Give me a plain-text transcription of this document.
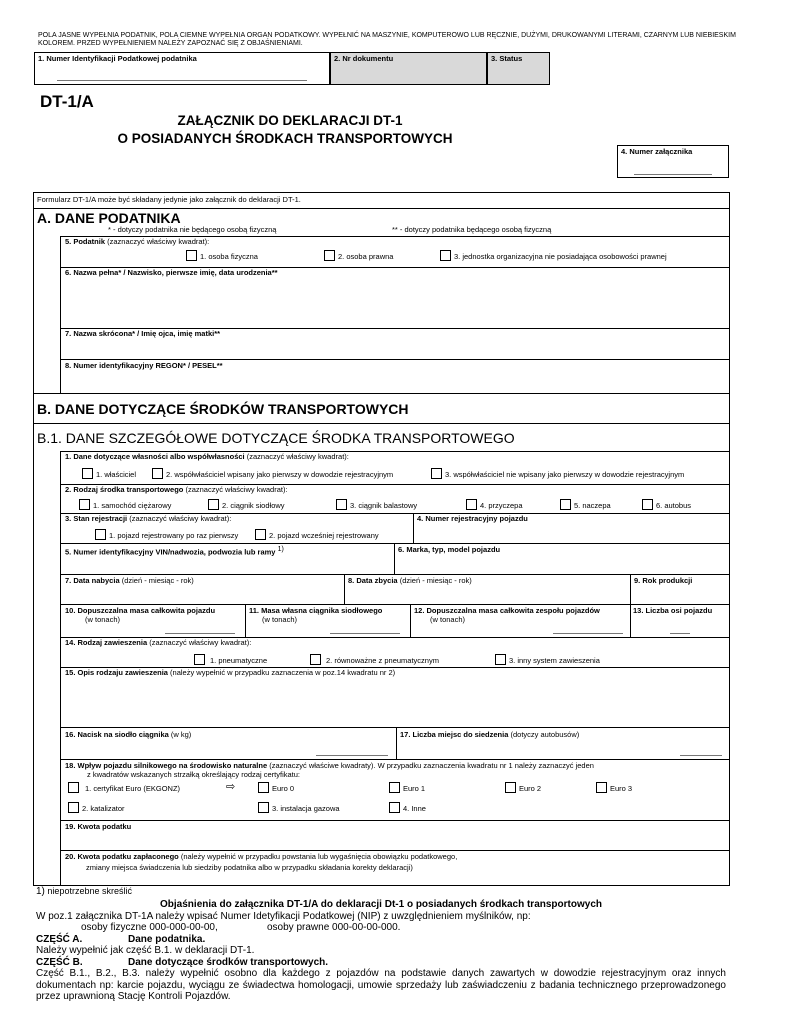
POLA JASNE WYPEŁNIA PODATNIK, POLA CIEMNE WYPEŁNIA ORGAN PODATKOWY. WYPEŁNIĆ NA MASZYNIE, KOMPUTEROWO LUB RĘCZNIE, DUŻYMI, DRUKOWANYMI LITERAMI, CZARNYM LUB NIEBIESKIM KOLOREM. PRZED WYPEŁNIENIEM NALEŻY ZAPOZNAĆ SIĘ Z OBJAŚNIENIAMI.
1. Numer Identyfikacji Podatkowej podatnika	2. Nr dokumentu	3. Status
DT-1/A
ZAŁĄCZNIK DO DEKLARACJI DT-1
O POSIADANYCH ŚRODKACH TRANSPORTOWYCH
4. Numer załącznika
Formularz DT-1/A może być składany jedynie jako załącznik do deklaracji DT-1.
A. DANE PODATNIKA
* - dotyczy podatnika nie będącego osobą fizyczną	** - dotyczy podatnika będącego osobą fizyczną
5. Podatnik (zaznaczyć właściwy kwadrat):
1. osoba fizyczna	2. osoba prawna	3. jednostka organizacyjna nie posiadająca osobowości prawnej
6. Nazwa pełna* / Nazwisko, pierwsze imię, data urodzenia**
7. Nazwa skrócona* / Imię ojca, imię matki**
8. Numer identyfikacyjny REGON* / PESEL**
B. DANE DOTYCZĄCE ŚRODKÓW TRANSPORTOWYCH
B.1. DANE SZCZEGÓŁOWE DOTYCZĄCE ŚRODKA TRANSPORTOWEGO
1. Dane dotyczące własności albo współwłasności (zaznaczyć właściwy kwadrat):
1. właściciel	2. współwłaściciel wpisany jako pierwszy w dowodzie rejestracyjnym	3. współwłaściciel nie wpisany jako pierwszy w dowodzie rejestracyjnym
2. Rodzaj środka transportowego (zaznaczyć właściwy kwadrat):
1. samochód ciężarowy	2. ciągnik siodłowy	3. ciągnik balastowy	4. przyczepa	5. naczepa	6. autobus
3. Stan rejestracji (zaznaczyć właściwy kwadrat):
1. pojazd rejestrowany po raz pierwszy	2. pojazd wcześniej rejestrowany
4. Numer rejestracyjny pojazdu
5. Numer identyfikacyjny VIN/nadwozia, podwozia lub ramy 1)	6. Marka, typ, model pojazdu
7. Data nabycia (dzień - miesiąc - rok)	8. Data zbycia (dzień - miesiąc - rok)	9. Rok produkcji
10. Dopuszczalna masa całkowita pojazdu
(w tonach)
11. Masa własna ciągnika siodłowego
(w tonach)
12. Dopuszczalna masa całkowita zespołu pojazdów
(w tonach)
13. Liczba osi pojazdu
14. Rodzaj zawieszenia (zaznaczyć właściwy kwadrat):
1. pneumatyczne	2. równoważne z pneumatycznym	3. inny system zawieszenia
15. Opis rodzaju zawieszenia (należy wypełnić w przypadku zaznaczenia w poz.14 kwadratu nr 2)
16. Nacisk na siodło ciągnika (w kg)	17. Liczba miejsc do siedzenia (dotyczy autobusów)
18. Wpływ pojazdu silnikowego na środowisko naturalne (zaznaczyć właściwe kwadraty). W przypadku zaznaczenia kwadratu nr 1 należy zaznaczyć jeden
z kwadratów wskazanych strzałką określający rodzaj certyfikatu:
1. certyfikat Euro (EKGONZ)	⇨	Euro 0	Euro 1	Euro 2	Euro 3
2. katalizator	3. instalacja gazowa	4. Inne
19. Kwota podatku
20. Kwota podatku zapłaconego (należy wypełnić w przypadku powstania lub wygaśnięcia obowiązku podatkowego,
zmiany miejsca świadczenia lub siedziby podatnika albo w przypadku składania korekty deklaracji)
1) niepotrzebne skreślić
Objaśnienia do załącznika DT-1/A do deklaracji Dt-1 o posiadanych środkach transportowych
W poz.1 załącznika DT-1A należy wpisać Numer Idetyfikacji Podatkowej (NIP) z uwzględnieniem myślników, np:
osoby fizyczne 000-000-00-00,	osoby prawne 000-00-00-000.
CZĘŚĆ A.	Dane podatnika.
Należy wypełnić jak część B.1. w deklaracji DT-1.
CZĘŚĆ B.	Dane dotyczące środków transportowych.
Część B.1., B.2., B.3. należy wypełnić osobno dla każdego z pojazdów na podstawie danych zawartych w dowodzie rejestracyjnym oraz innych dokumentach np: karcie pojazdu, wyciągu ze świadectwa homologacji, umowie sprzedaży lub zaświadczeniu z badania technicznego przeprowadzonego przez uprawnioną Stację Kontroli Pojazdów.
